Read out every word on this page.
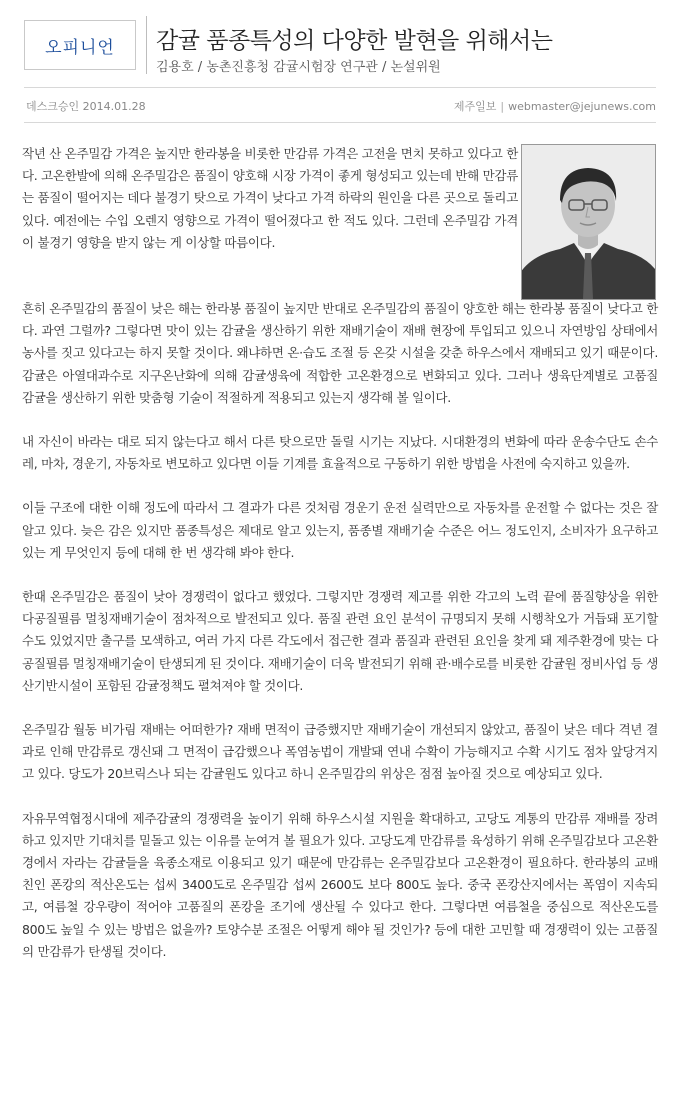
오피니언 감귤 품종특성의 다양한 발현을 위해서는
김용호 / 농촌진흥청 감귤시험장 연구관 / 논설위원
데스크승인 2014.01.28	제주일보 | webmaster@jejunews.com

작년 산 온주밀감 가격은 높지만 한라봉을 비롯한 만감류 가격은 고전을 면치 못하고 있다고 한다. 고온한발에 의해 온주밀감은 품질이 양호해 시장 가격이 좋게 형성되고 있는데 반해 만감류는 품질이 떨어지는 데다 불경기 탓으로 가격이 낮다고 가격 하락의 원인을 다른 곳으로 돌리고 있다. 예전에는 수입 오렌지 영향으로 가격이 떨어졌다고 한 적도 있다. 그런데 온주밀감 가격이 불경기 영향을 받지 않는 게 이상할 따름이다.

흔히 온주밀감의 품질이 낮은 해는 한라봉 품질이 높지만 반대로 온주밀감의 품질이 양호한 해는 한라봉 품질이 낮다고 한다. 과연 그럴까? 그렇다면 맛이 있는 감귤을 생산하기 위한 재배기술이 재배 현장에 투입되고 있으니 자연방임 상태에서 농사를 짓고 있다고는 하지 못할 것이다. 왜냐하면 온·습도 조절 등 온갖 시설을 갖춘 하우스에서 재배되고 있기 때문이다. 감귤은 아열대과수로 지구온난화에 의해 감귤생육에 적합한 고온환경으로 변화되고 있다. 그러나 생육단계별로 고품질 감귤을 생산하기 위한 맞춤형 기술이 적절하게 적용되고 있는지 생각해 볼 일이다.

내 자신이 바라는 대로 되지 않는다고 해서 다른 탓으로만 돌릴 시기는 지났다. 시대환경의 변화에 따라 운송수단도 손수레, 마차, 경운기, 자동차로 변모하고 있다면 이들 기계를 효율적으로 구동하기 위한 방법을 사전에 숙지하고 있을까.

이들 구조에 대한 이해 정도에 따라서 그 결과가 다른 것처럼 경운기 운전 실력만으로 자동차를 운전할 수 없다는 것은 잘 알고 있다. 늦은 감은 있지만 품종특성은 제대로 알고 있는지, 품종별 재배기술 수준은 어느 정도인지, 소비자가 요구하고 있는 게 무엇인지 등에 대해 한 번 생각해 봐야 한다.

한때 온주밀감은 품질이 낮아 경쟁력이 없다고 했었다. 그렇지만 경쟁력 제고를 위한 각고의 노력 끝에 품질향상을 위한 다공질필름 멀칭재배기술이 점차적으로 발전되고 있다. 품질 관련 요인 분석이 규명되지 못해 시행착오가 거듭돼 포기할 수도 있었지만 출구를 모색하고, 여러 가지 다른 각도에서 접근한 결과 품질과 관련된 요인을 찾게 돼 제주환경에 맞는 다공질필름 멀칭재배기술이 탄생되게 된 것이다. 재배기술이 더욱 발전되기 위해 관·배수로를 비롯한 감귤원 정비사업 등 생산기반시설이 포함된 감귤정책도 펼쳐져야 할 것이다.

온주밀감 월동 비가림 재배는 어떠한가? 재배 면적이 급증했지만 재배기술이 개선되지 않았고, 품질이 낮은 데다 격년 결과로 인해 만감류로 갱신돼 그 면적이 급감했으나 폭염농법이 개발돼 연내 수확이 가능해지고 수확 시기도 점차 앞당겨지고 있다. 당도가 20브릭스나 되는 감귤원도 있다고 하니 온주밀감의 위상은 점점 높아질 것으로 예상되고 있다.

자유무역협정시대에 제주감귤의 경쟁력을 높이기 위해 하우스시설 지원을 확대하고, 고당도 계통의 만감류 재배를 장려하고 있지만 기대치를 밑돌고 있는 이유를 눈여겨 볼 필요가 있다. 고당도계 만감류를 육성하기 위해 온주밀감보다 고온환경에서 자라는 감귤들을 육종소재로 이용되고 있기 때문에 만감류는 온주밀감보다 고온환경이 필요하다. 한라봉의 교배친인 폰캉의 적산온도는 섭씨 3400도로 온주밀감 섭씨 2600도 보다 800도 높다. 중국 폰캉산지에서는 폭염이 지속되고, 여름철 강우량이 적어야 고품질의 폰캉을 조기에 생산될 수 있다고 한다. 그렇다면 여름철을 중심으로 적산온도를 800도 높일 수 있는 방법은 없을까? 토양수분 조절은 어떻게 해야 될 것인가? 등에 대한 고민할 때 경쟁력이 있는 고품질의 만감류가 탄생될 것이다.
